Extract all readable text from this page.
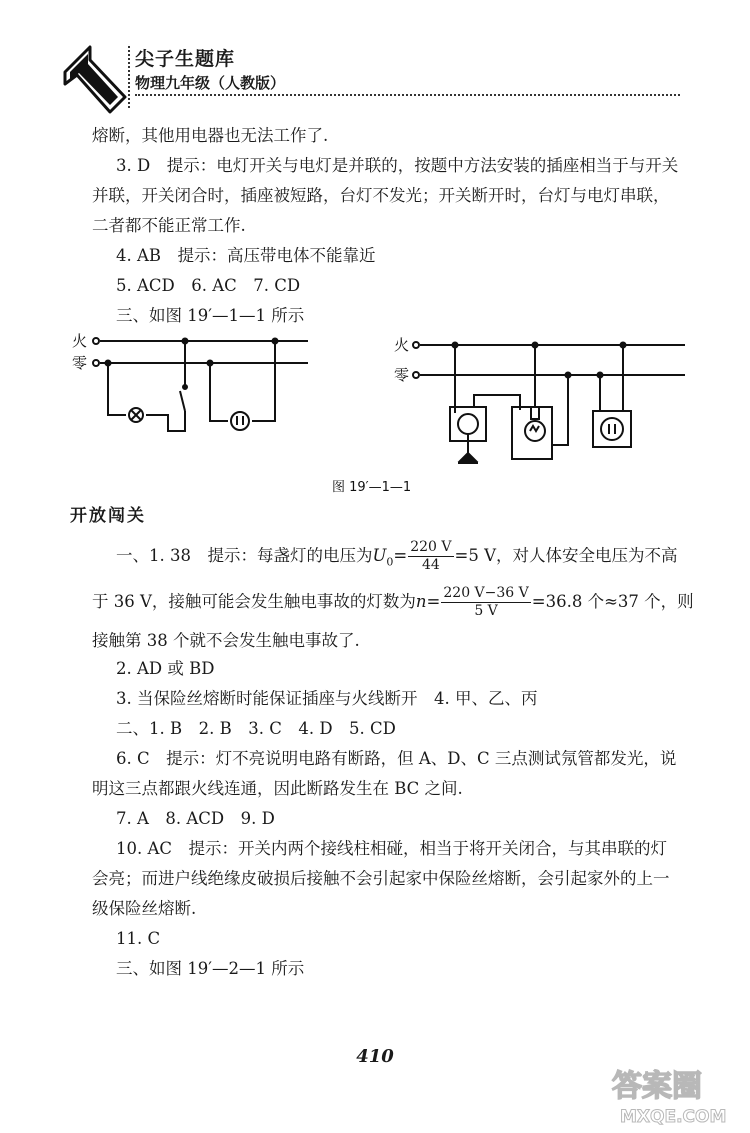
尖子生题库
物理九年级（人教版）
熔断，其他用电器也无法工作了.
3. D　提示：电灯开关与电灯是并联的，按题中方法安装的插座相当于与开关
并联，开关闭合时，插座被短路，台灯不发光；开关断开时，台灯与电灯串联，
二者都不能正常工作.
4. AB　提示：高压带电体不能靠近
5. ACD　6. AC　7. CD
三、如图 19′—1—1 所示
火
零
火
零
图 19′—1—1
开放闯关
一、1. 38　提示：每盏灯的电压为$U_0= \frac{220 V}{44} =5$ V，对人体安全电压为不高
于 36 V，接触可能会发生触电事故的灯数为$n= \frac{220 V-36 V}{5 V} =36.8$ 个≈37 个，则
接触第 38 个就不会发生触电事故了.
2. AD 或 BD
3. 当保险丝熔断时能保证插座与火线断开　4. 甲、乙、丙
二、1. B　2. B　3. C　4. D　5. CD
6. C　提示：灯不亮说明电路有断路，但 A、D、C 三点测试氖管都发光，说
明这三点都跟火线连通，因此断路发生在 BC 之间.
7. A　8. ACD　9. D
10. AC　提示：开关内两个接线柱相碰，相当于将开关闭合，与其串联的灯
会亮；而进户线绝缘皮破损后接触不会引起家中保险丝熔断，会引起家外的上一
级保险丝熔断.
11. C
三、如图 19′—2—1 所示
410
答案圈
MXQE.COM
